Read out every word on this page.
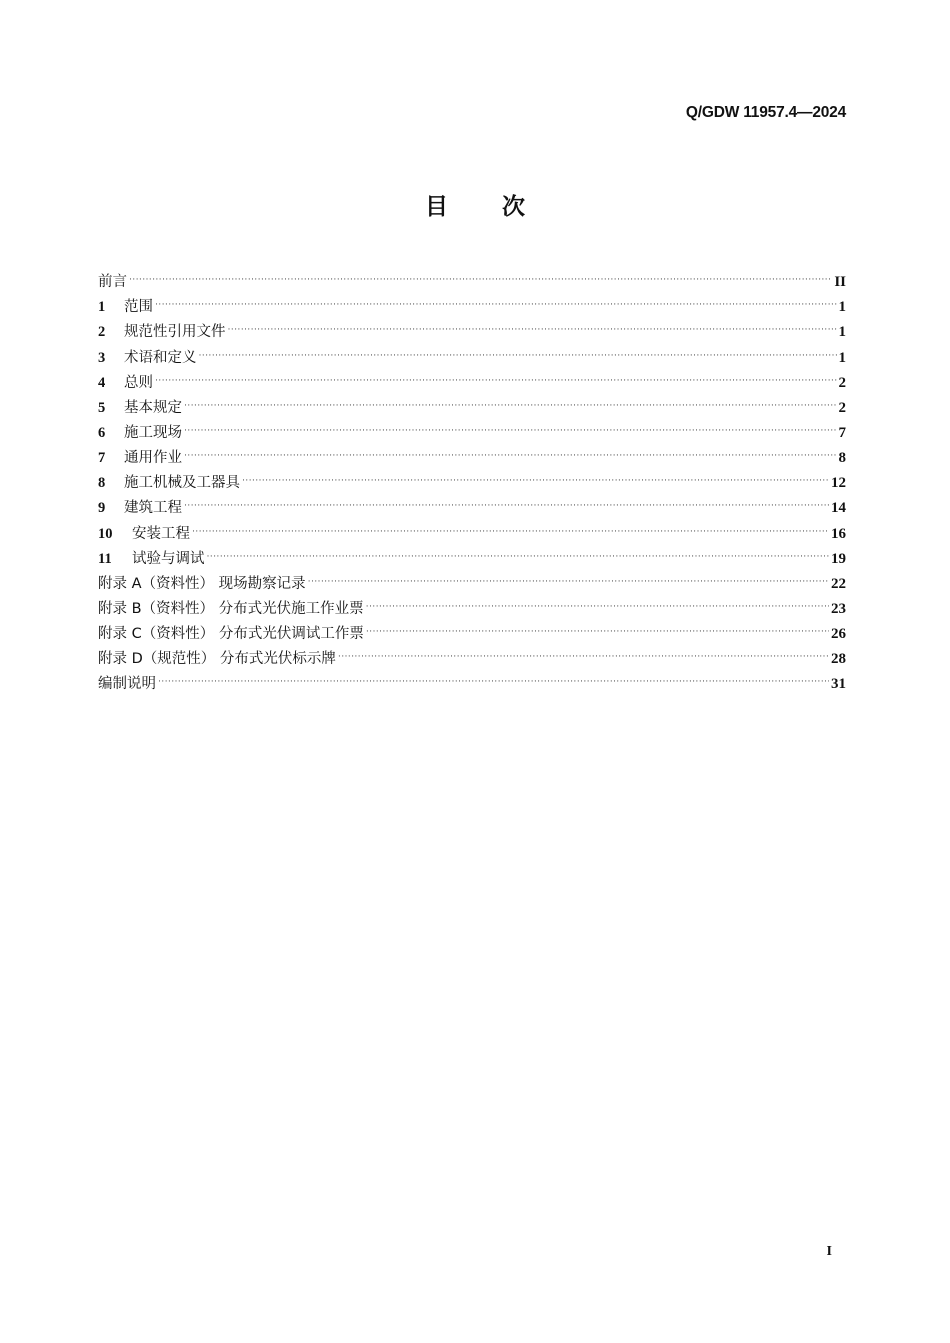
Q/GDW 11957.4—2024
目 次
前言 ·····	II
1	范围 ·····	1
2	规范性引用文件 ·····	1
3	术语和定义 ·····	1
4	总则 ·····	2
5	基本规定 ·····	2
6	施工现场 ·····	7
7	通用作业 ·····	8
8	施工机械及工器具 ·····	12
9	建筑工程 ·····	14
10	安装工程 ·····	16
11	试验与调试 ·····	19
附录 A（资料性） 现场勘察记录 ·····	22
附录 B（资料性） 分布式光伏施工作业票 ·····	23
附录 C（资料性） 分布式光伏调试工作票 ·····	26
附录 D（规范性） 分布式光伏标示牌 ·····	28
编制说明 ·····	31
I
